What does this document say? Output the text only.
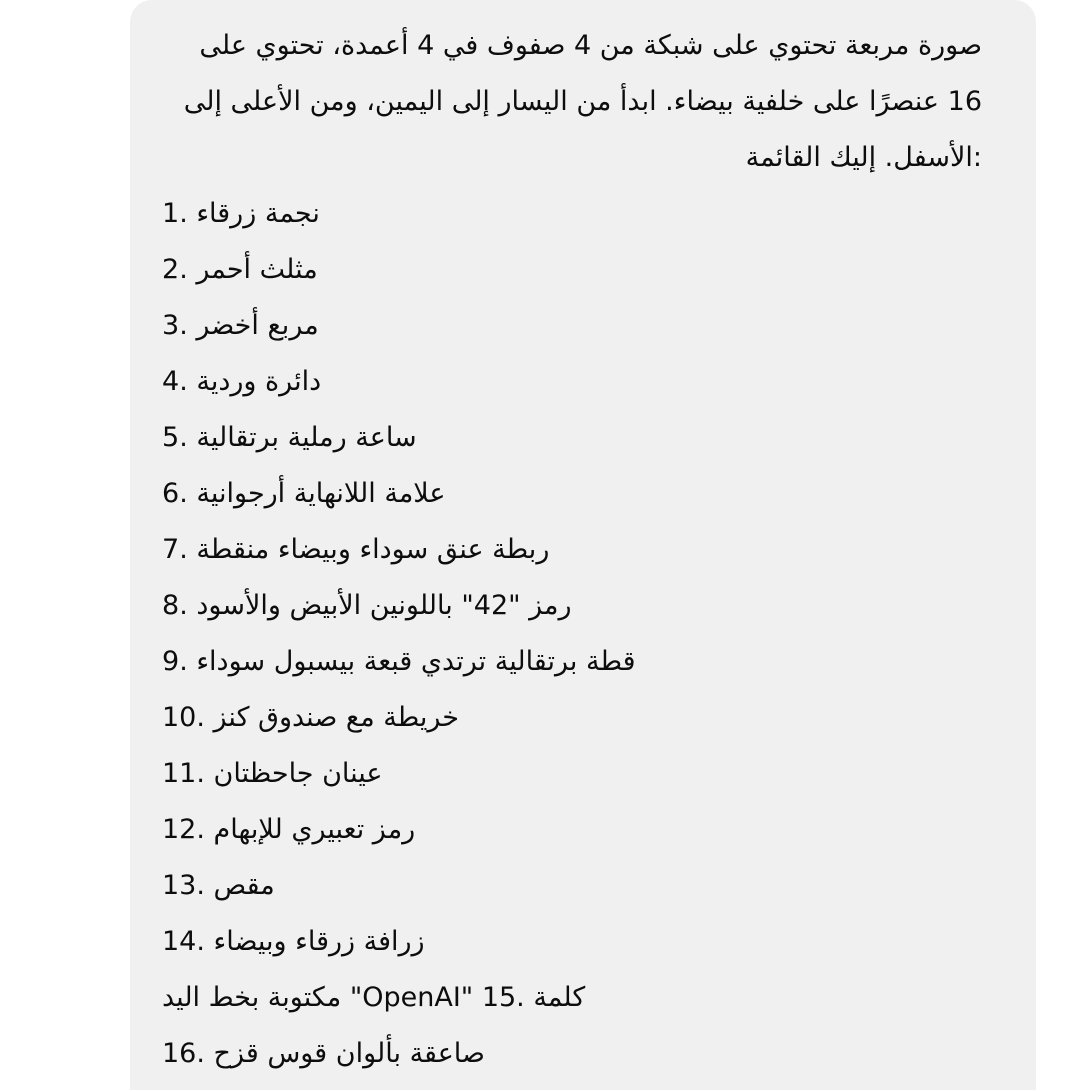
صورة مربعة تحتوي على شبكة من 4 صفوف في 4 أعمدة، تحتوي على
16 عنصرًا على خلفية بيضاء. ابدأ من اليسار إلى اليمين، ومن الأعلى إلى
:الأسفل. إليك القائمة
نجمة زرقاء .1
مثلث أحمر .2
مربع أخضر .3
دائرة وردية .4
ساعة رملية برتقالية .5
علامة اللانهاية أرجوانية .6
ربطة عنق سوداء وبيضاء منقطة .7
رمز "42" باللونين الأبيض والأسود .8
قطة برتقالية ترتدي قبعة بيسبول سوداء .9
خريطة مع صندوق كنز .10
عينان جاحظتان .11
رمز تعبيري للإبهام .12
مقص .13
زرافة زرقاء وبيضاء .14
مكتوبة بخط اليد "OpenAI" كلمة .15
صاعقة بألوان قوس قزح .16
